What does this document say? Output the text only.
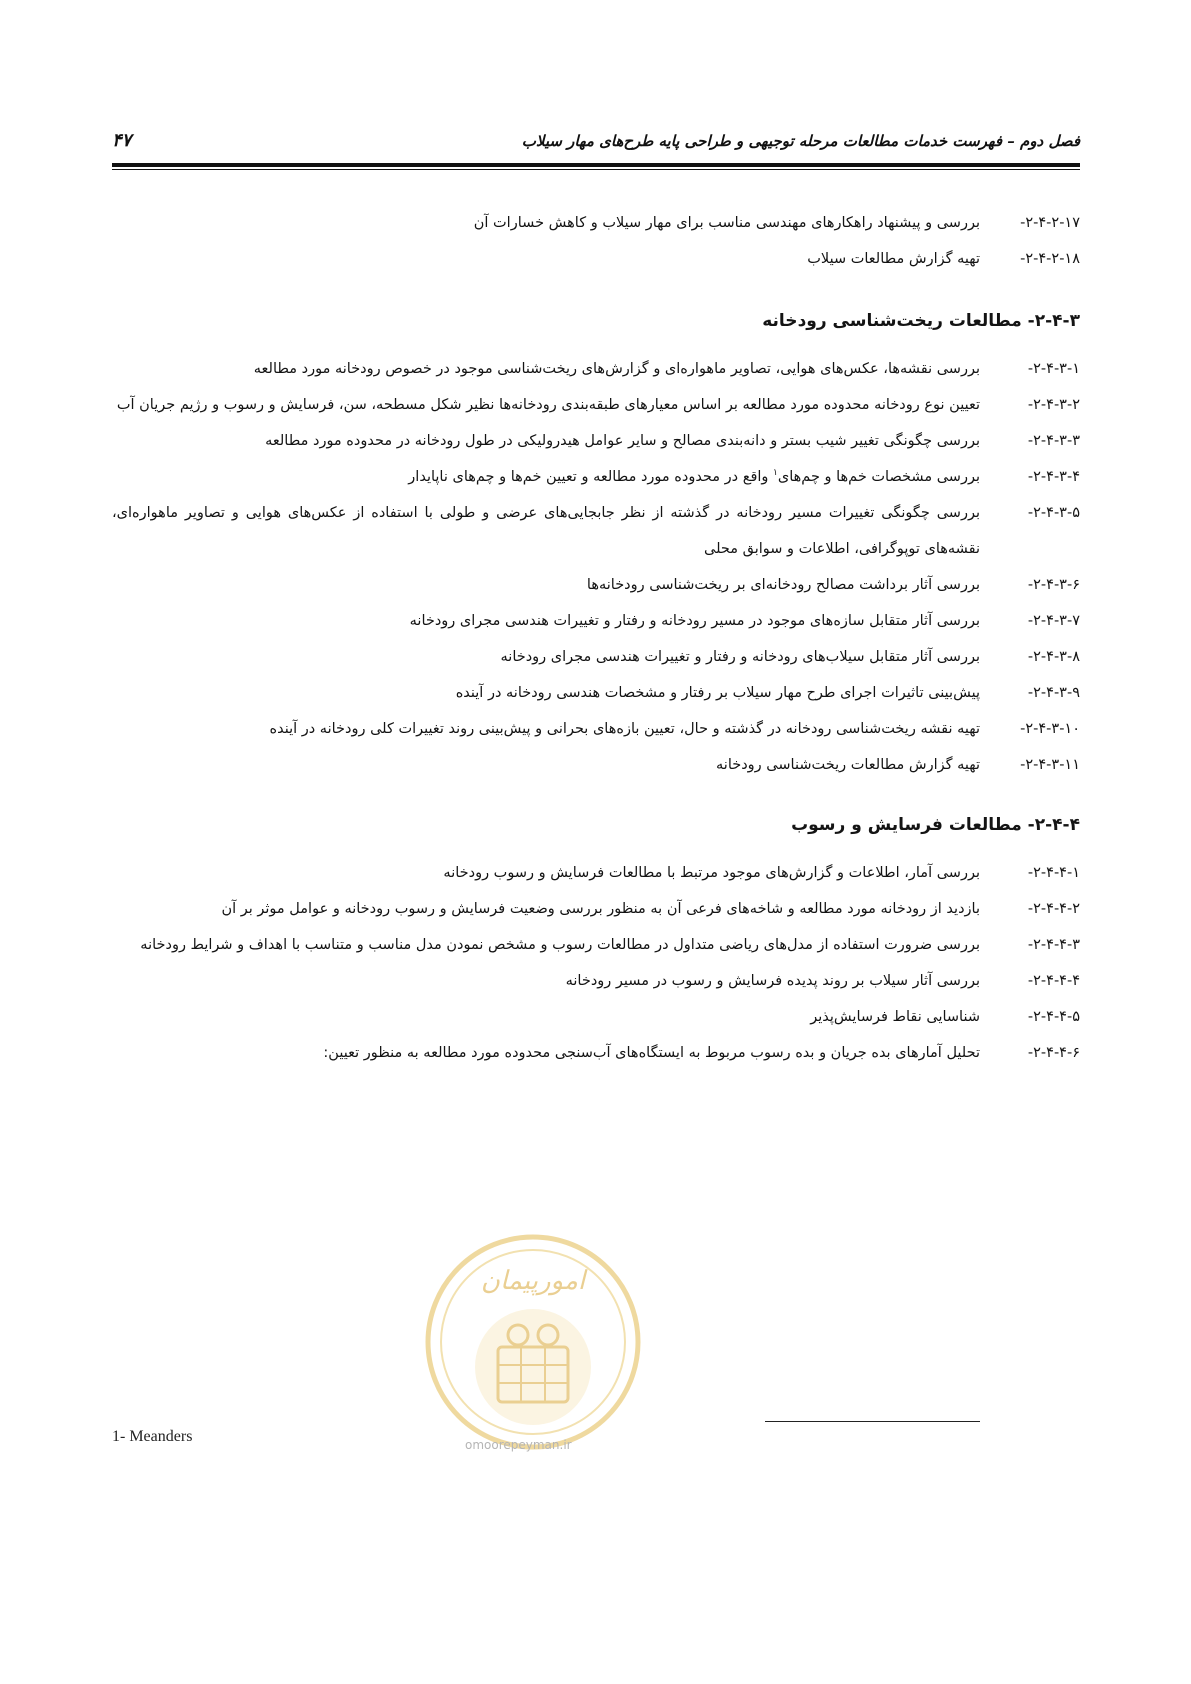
فصل دوم – فهرست خدمات مطالعات مرحله توجیهی و طراحی پایه طرح‌های مهار سیلاب
۴۷

۲-۴-۲-۱۷-
بررسی و پیشنهاد راهکارهای مهندسی مناسب برای مهار سیلاب و کاهش خسارات آن

۲-۴-۲-۱۸-
تهیه گزارش مطالعات سیلاب

۲-۴-۳- مطالعات ریخت‌شناسی رودخانه

۲-۴-۳-۱-
بررسی نقشه‌ها، عکس‌های هوایی، تصاویر ماهواره‌ای و گزارش‌های ریخت‌شناسی موجود در خصوص رودخانه مورد مطالعه

۲-۴-۳-۲-
تعیین نوع رودخانه محدوده مورد مطالعه بر اساس معیارهای طبقه‌بندی رودخانه‌ها نظیر شکل مسطحه، سن، فرسایش و رسوب و رژیم جریان آب

۲-۴-۳-۳-
بررسی چگونگی تغییر شیب بستر و دانه‌بندی مصالح و سایر عوامل هیدرولیکی در طول رودخانه در محدوده مورد مطالعه

۲-۴-۳-۴-
بررسی مشخصات خم‌ها و چم‌های$^۱$ واقع در محدوده مورد مطالعه و تعیین خم‌ها و چم‌های ناپایدار

۲-۴-۳-۵-
بررسی چگونگی تغییرات مسیر رودخانه در گذشته از نظر جابجایی‌های عرضی و طولی با استفاده از عکس‌های هوایی و تصاویر ماهواره‌ای، نقشه‌های توپوگرافی، اطلاعات و سوابق محلی

۲-۴-۳-۶-
بررسی آثار برداشت مصالح رودخانه‌ای بر ریخت‌شناسی رودخانه‌ها

۲-۴-۳-۷-
بررسی آثار متقابل سازه‌های موجود در مسیر رودخانه و رفتار و تغییرات هندسی مجرای رودخانه

۲-۴-۳-۸-
بررسی آثار متقابل سیلاب‌های رودخانه و رفتار و تغییرات هندسی مجرای رودخانه

۲-۴-۳-۹-
پیش‌بینی تاثیرات اجرای طرح مهار سیلاب بر رفتار و مشخصات هندسی رودخانه در آینده

۲-۴-۳-۱۰-
تهیه نقشه ریخت‌شناسی رودخانه در گذشته و حال، تعیین بازه‌های بحرانی و پیش‌بینی روند تغییرات کلی رودخانه در آینده

۲-۴-۳-۱۱-
تهیه گزارش مطالعات ریخت‌شناسی رودخانه

۲-۴-۴- مطالعات فرسایش و رسوب

۲-۴-۴-۱-
بررسی آمار، اطلاعات و گزارش‌های موجود مرتبط با مطالعات فرسایش و رسوب رودخانه

۲-۴-۴-۲-
بازدید از رودخانه مورد مطالعه و شاخه‌های فرعی آن به منظور بررسی وضعیت فرسایش و رسوب رودخانه و عوامل موثر بر آن

۲-۴-۴-۳-
بررسی ضرورت استفاده از مدل‌های ریاضی متداول در مطالعات رسوب و مشخص نمودن مدل مناسب و متناسب با اهداف و شرایط رودخانه

۲-۴-۴-۴-
بررسی آثار سیلاب بر روند پدیده فرسایش و رسوب در مسیر رودخانه

۲-۴-۴-۵-
شناسایی نقاط فرسایش‌پذیر

۲-۴-۴-۶-
تحلیل آمارهای بده جریان و بده رسوب مربوط به ایستگاه‌های آب‌سنجی محدوده مورد مطالعه به منظور تعیین:

امورپیمان
omoorepeyman.ir
1- Meanders
